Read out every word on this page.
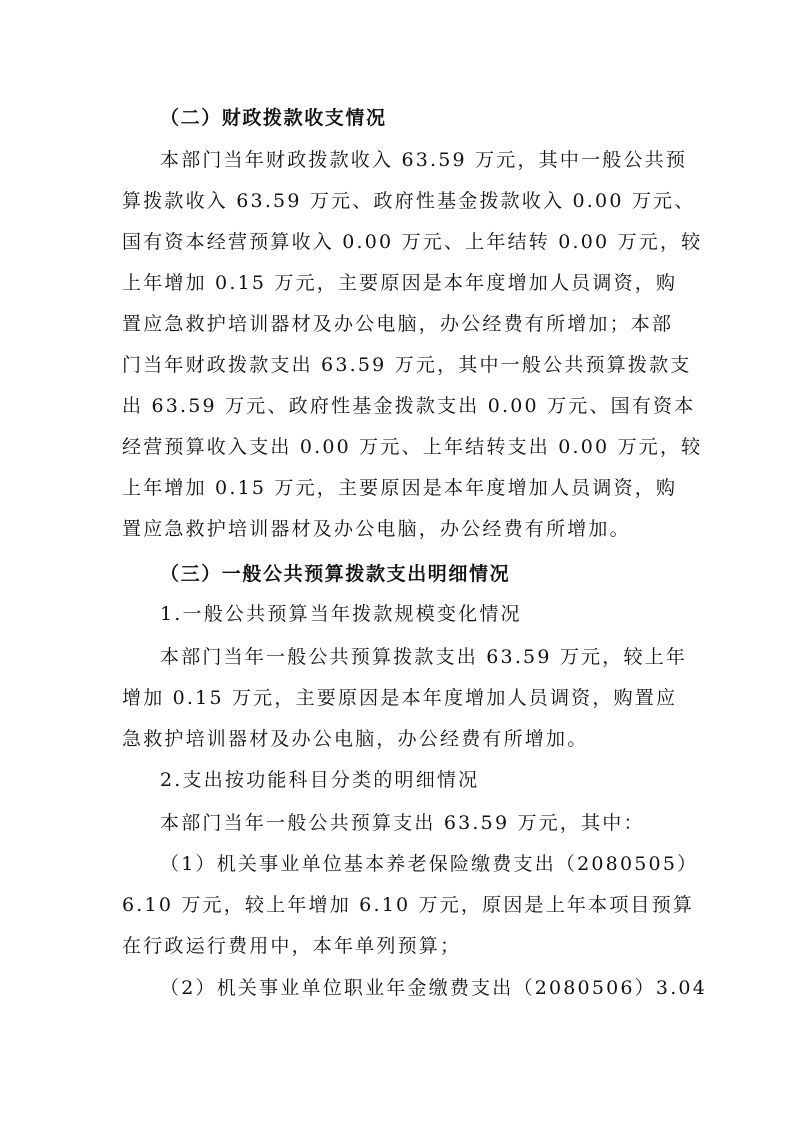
（二）财政拨款收支情况
本部门当年财政拨款收入 63.59 万元，其中一般公共预
算拨款收入 63.59 万元、政府性基金拨款收入 0.00 万元、
国有资本经营预算收入 0.00 万元、上年结转 0.00 万元，较
上年增加 0.15 万元，主要原因是本年度增加人员调资，购
置应急救护培训器材及办公电脑，办公经费有所增加；本部
门当年财政拨款支出 63.59 万元，其中一般公共预算拨款支
出 63.59 万元、政府性基金拨款支出 0.00 万元、国有资本
经营预算收入支出 0.00 万元、上年结转支出 0.00 万元，较
上年增加 0.15 万元，主要原因是本年度增加人员调资，购
置应急救护培训器材及办公电脑，办公经费有所增加。
（三）一般公共预算拨款支出明细情况
1.一般公共预算当年拨款规模变化情况
本部门当年一般公共预算拨款支出 63.59 万元，较上年
增加 0.15 万元，主要原因是本年度增加人员调资，购置应
急救护培训器材及办公电脑，办公经费有所增加。
2.支出按功能科目分类的明细情况
本部门当年一般公共预算支出 63.59 万元，其中：
（1）机关事业单位基本养老保险缴费支出（2080505）
6.10 万元，较上年增加 6.10 万元，原因是上年本项目预算
在行政运行费用中，本年单列预算；
（2）机关事业单位职业年金缴费支出（2080506）3.04
